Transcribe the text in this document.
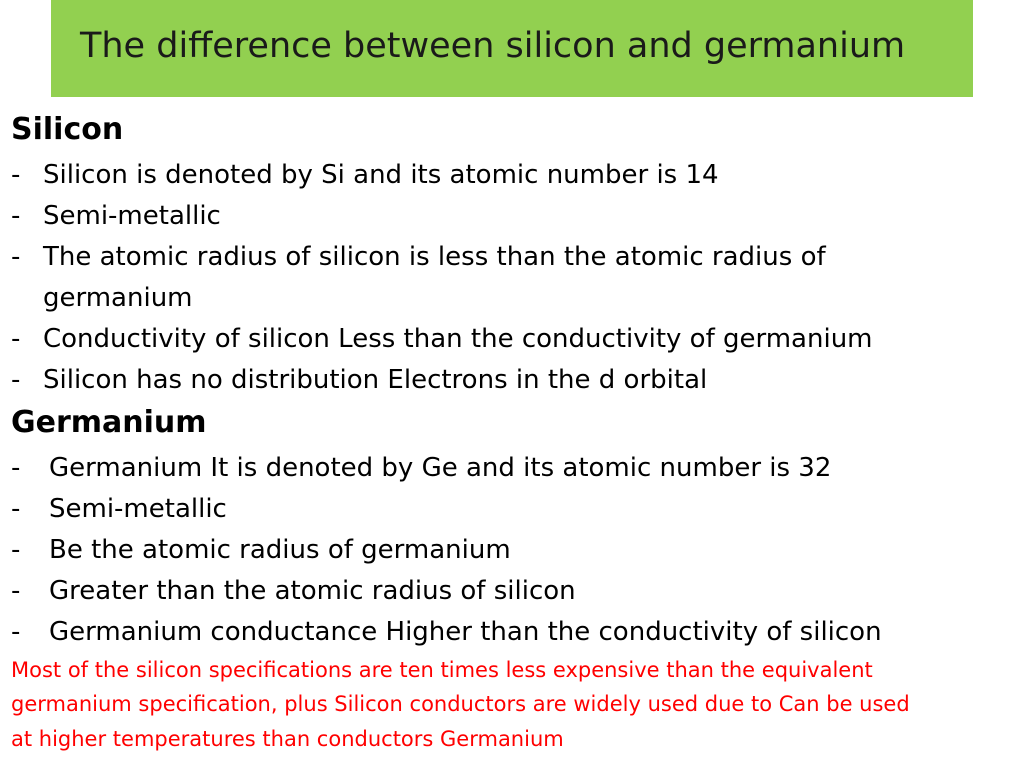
The difference between silicon and germanium
Silicon
- Silicon is denoted by Si and its atomic number is 14
- Semi-metallic
- The atomic radius of silicon is less than the atomic radius of
germanium
- Conductivity of silicon Less than the conductivity of germanium
- Silicon has no distribution Electrons in the d orbital
Germanium
- Germanium It is denoted by Ge and its atomic number is 32
- Semi-metallic
- Be the atomic radius of germanium
- Greater than the atomic radius of silicon
- Germanium conductance Higher than the conductivity of silicon
Most of the silicon specifications are ten times less expensive than the equivalent
germanium specification, plus Silicon conductors are widely used due to Can be used
at higher temperatures than conductors Germanium
